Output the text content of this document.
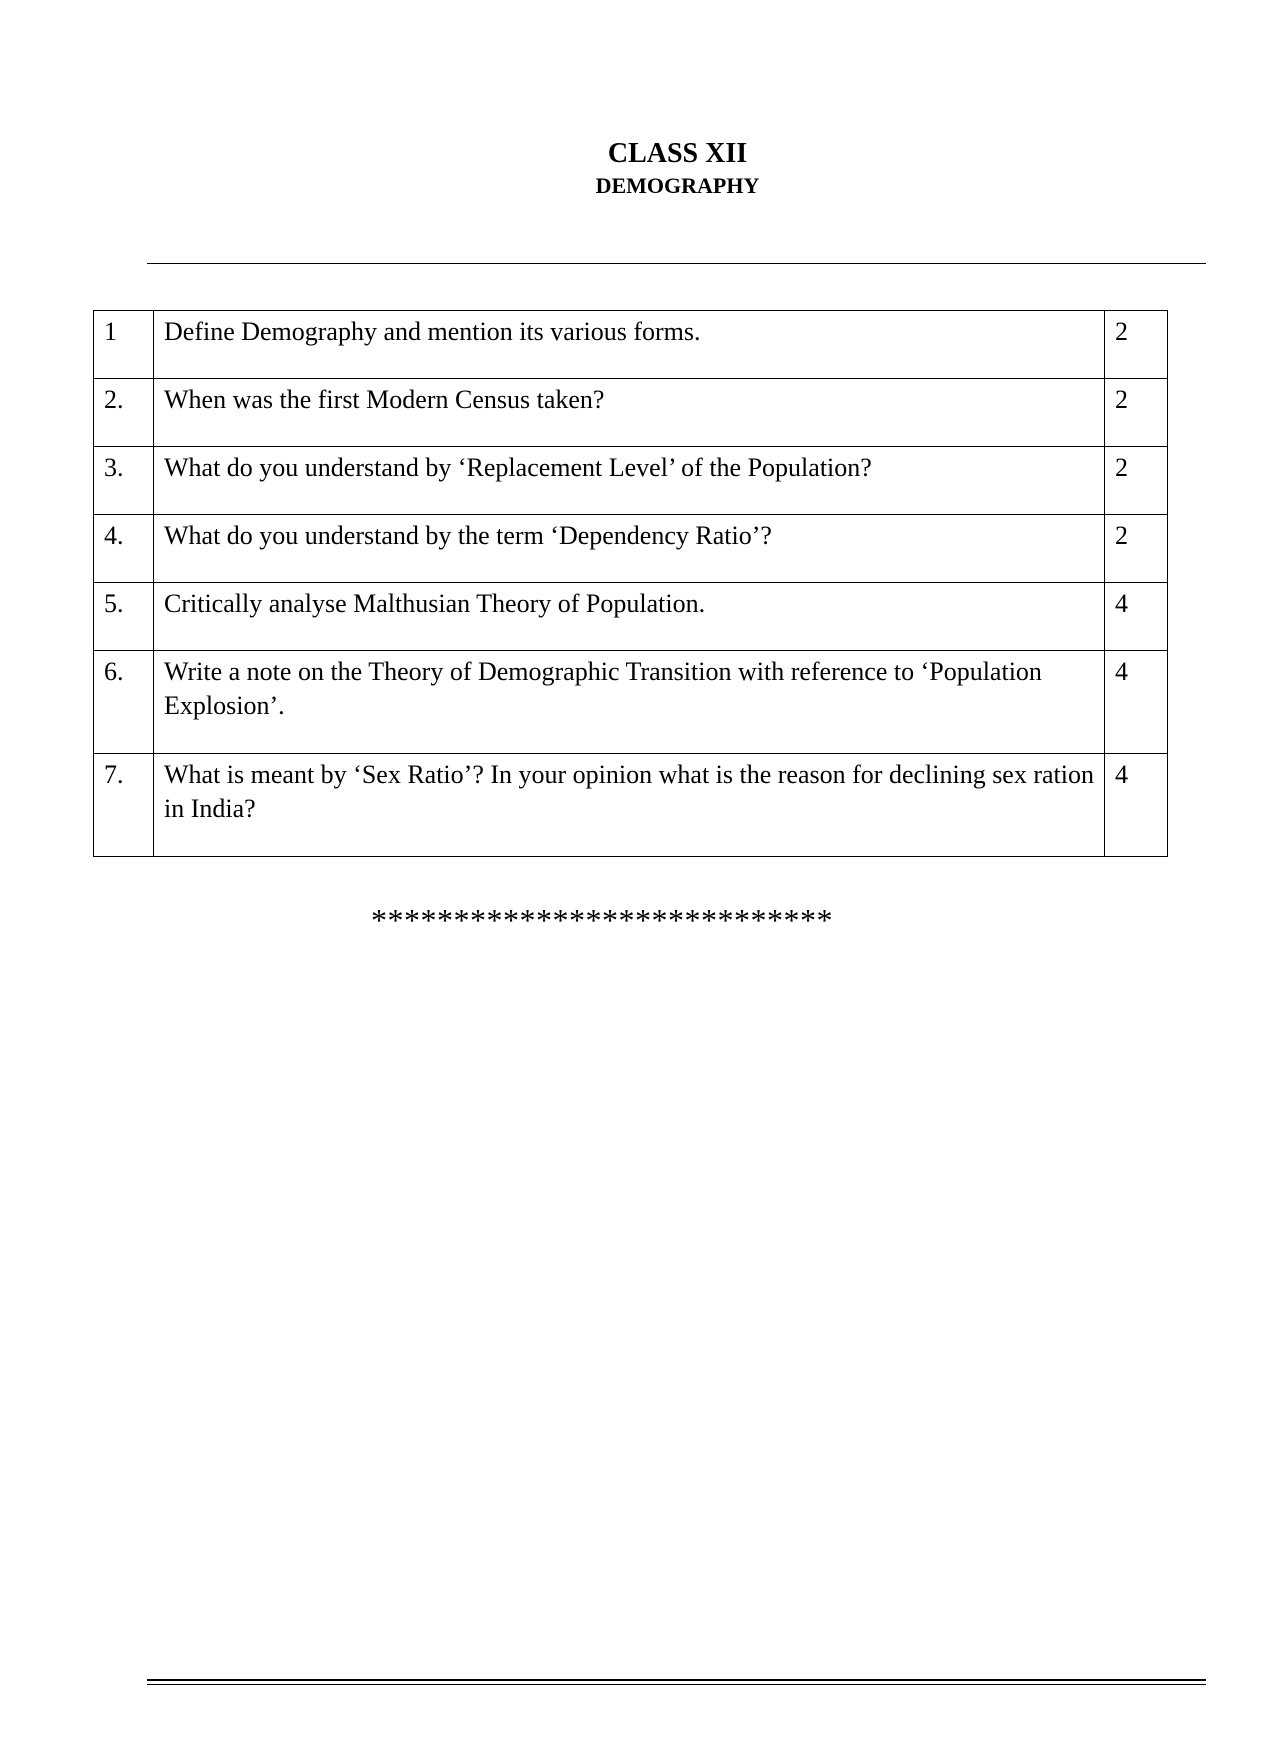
CLASS XII
DEMOGRAPHY
1	Define Demography and mention its various forms.	2
2.	When was the first Modern Census taken?	2
3.	What do you understand by ‘Replacement Level’ of the Population?	2
4.	What do you understand by the term ‘Dependency Ratio’?	2
5.	Critically analyse Malthusian Theory of Population.	4
6.	Write a note on the Theory of Demographic Transition with reference to ‘Population Explosion’.	4
7.	What is meant by ‘Sex Ratio’? In your opinion what is the reason for declining sex ration in India?	4
****************************
